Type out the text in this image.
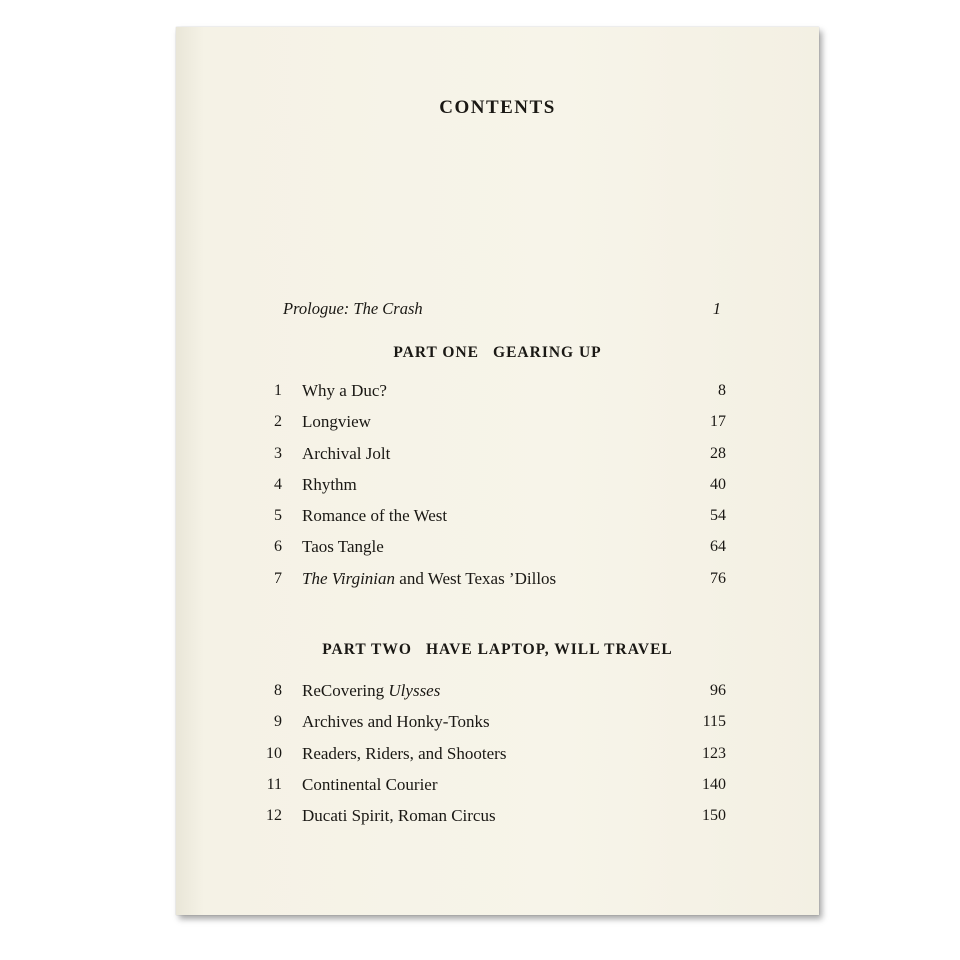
CONTENTS
Prologue: The Crash	1
PART ONE GEARING UP
1	Why a Duc?	8
2	Longview	17
3	Archival Jolt	28
4	Rhythm	40
5	Romance of the West	54
6	Taos Tangle	64
7	The Virginian and West Texas ’Dillos	76
PART TWO HAVE LAPTOP, WILL TRAVEL
8	ReCovering Ulysses	96
9	Archives and Honky-Tonks	115
10	Readers, Riders, and Shooters	123
11	Continental Courier	140
12	Ducati Spirit, Roman Circus	150
